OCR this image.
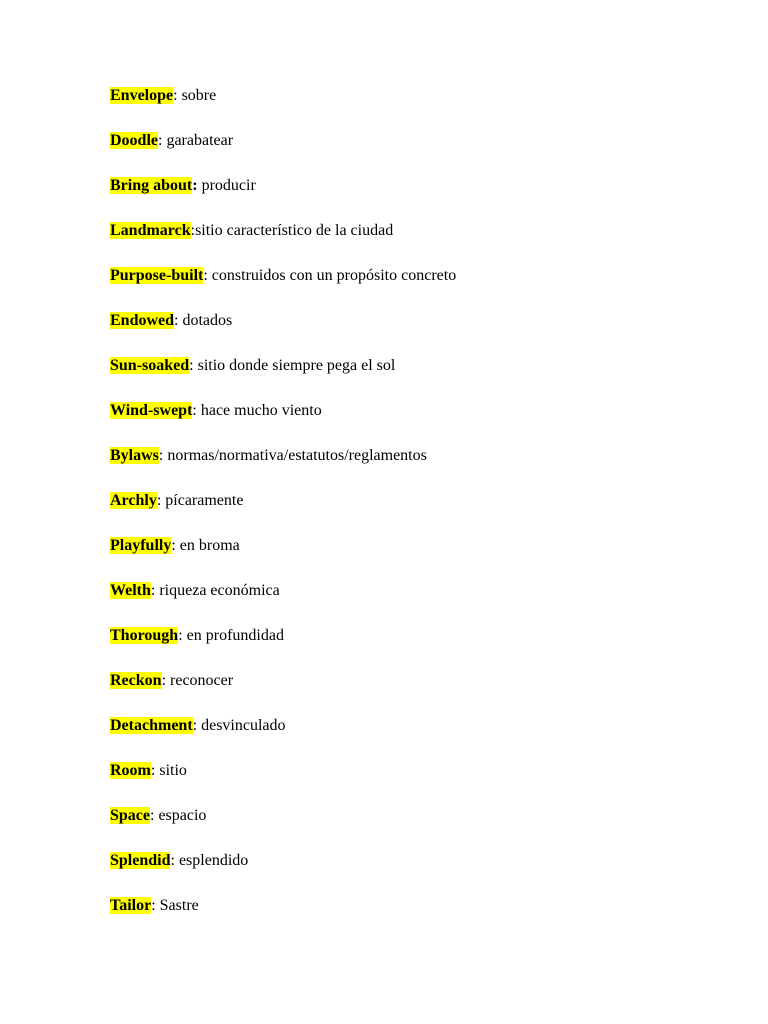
Envelope: sobre
Doodle: garabatear
Bring about: producir
Landmarck:sitio característico de la ciudad
Purpose-built: construidos con un propósito concreto
Endowed: dotados
Sun-soaked: sitio donde siempre pega el sol
Wind-swept: hace mucho viento
Bylaws: normas/normativa/estatutos/reglamentos
Archly: pícaramente
Playfully: en broma
Welth: riqueza económica
Thorough: en profundidad
Reckon: reconocer
Detachment: desvinculado
Room: sitio
Space: espacio
Splendid: esplendido
Tailor: Sastre
